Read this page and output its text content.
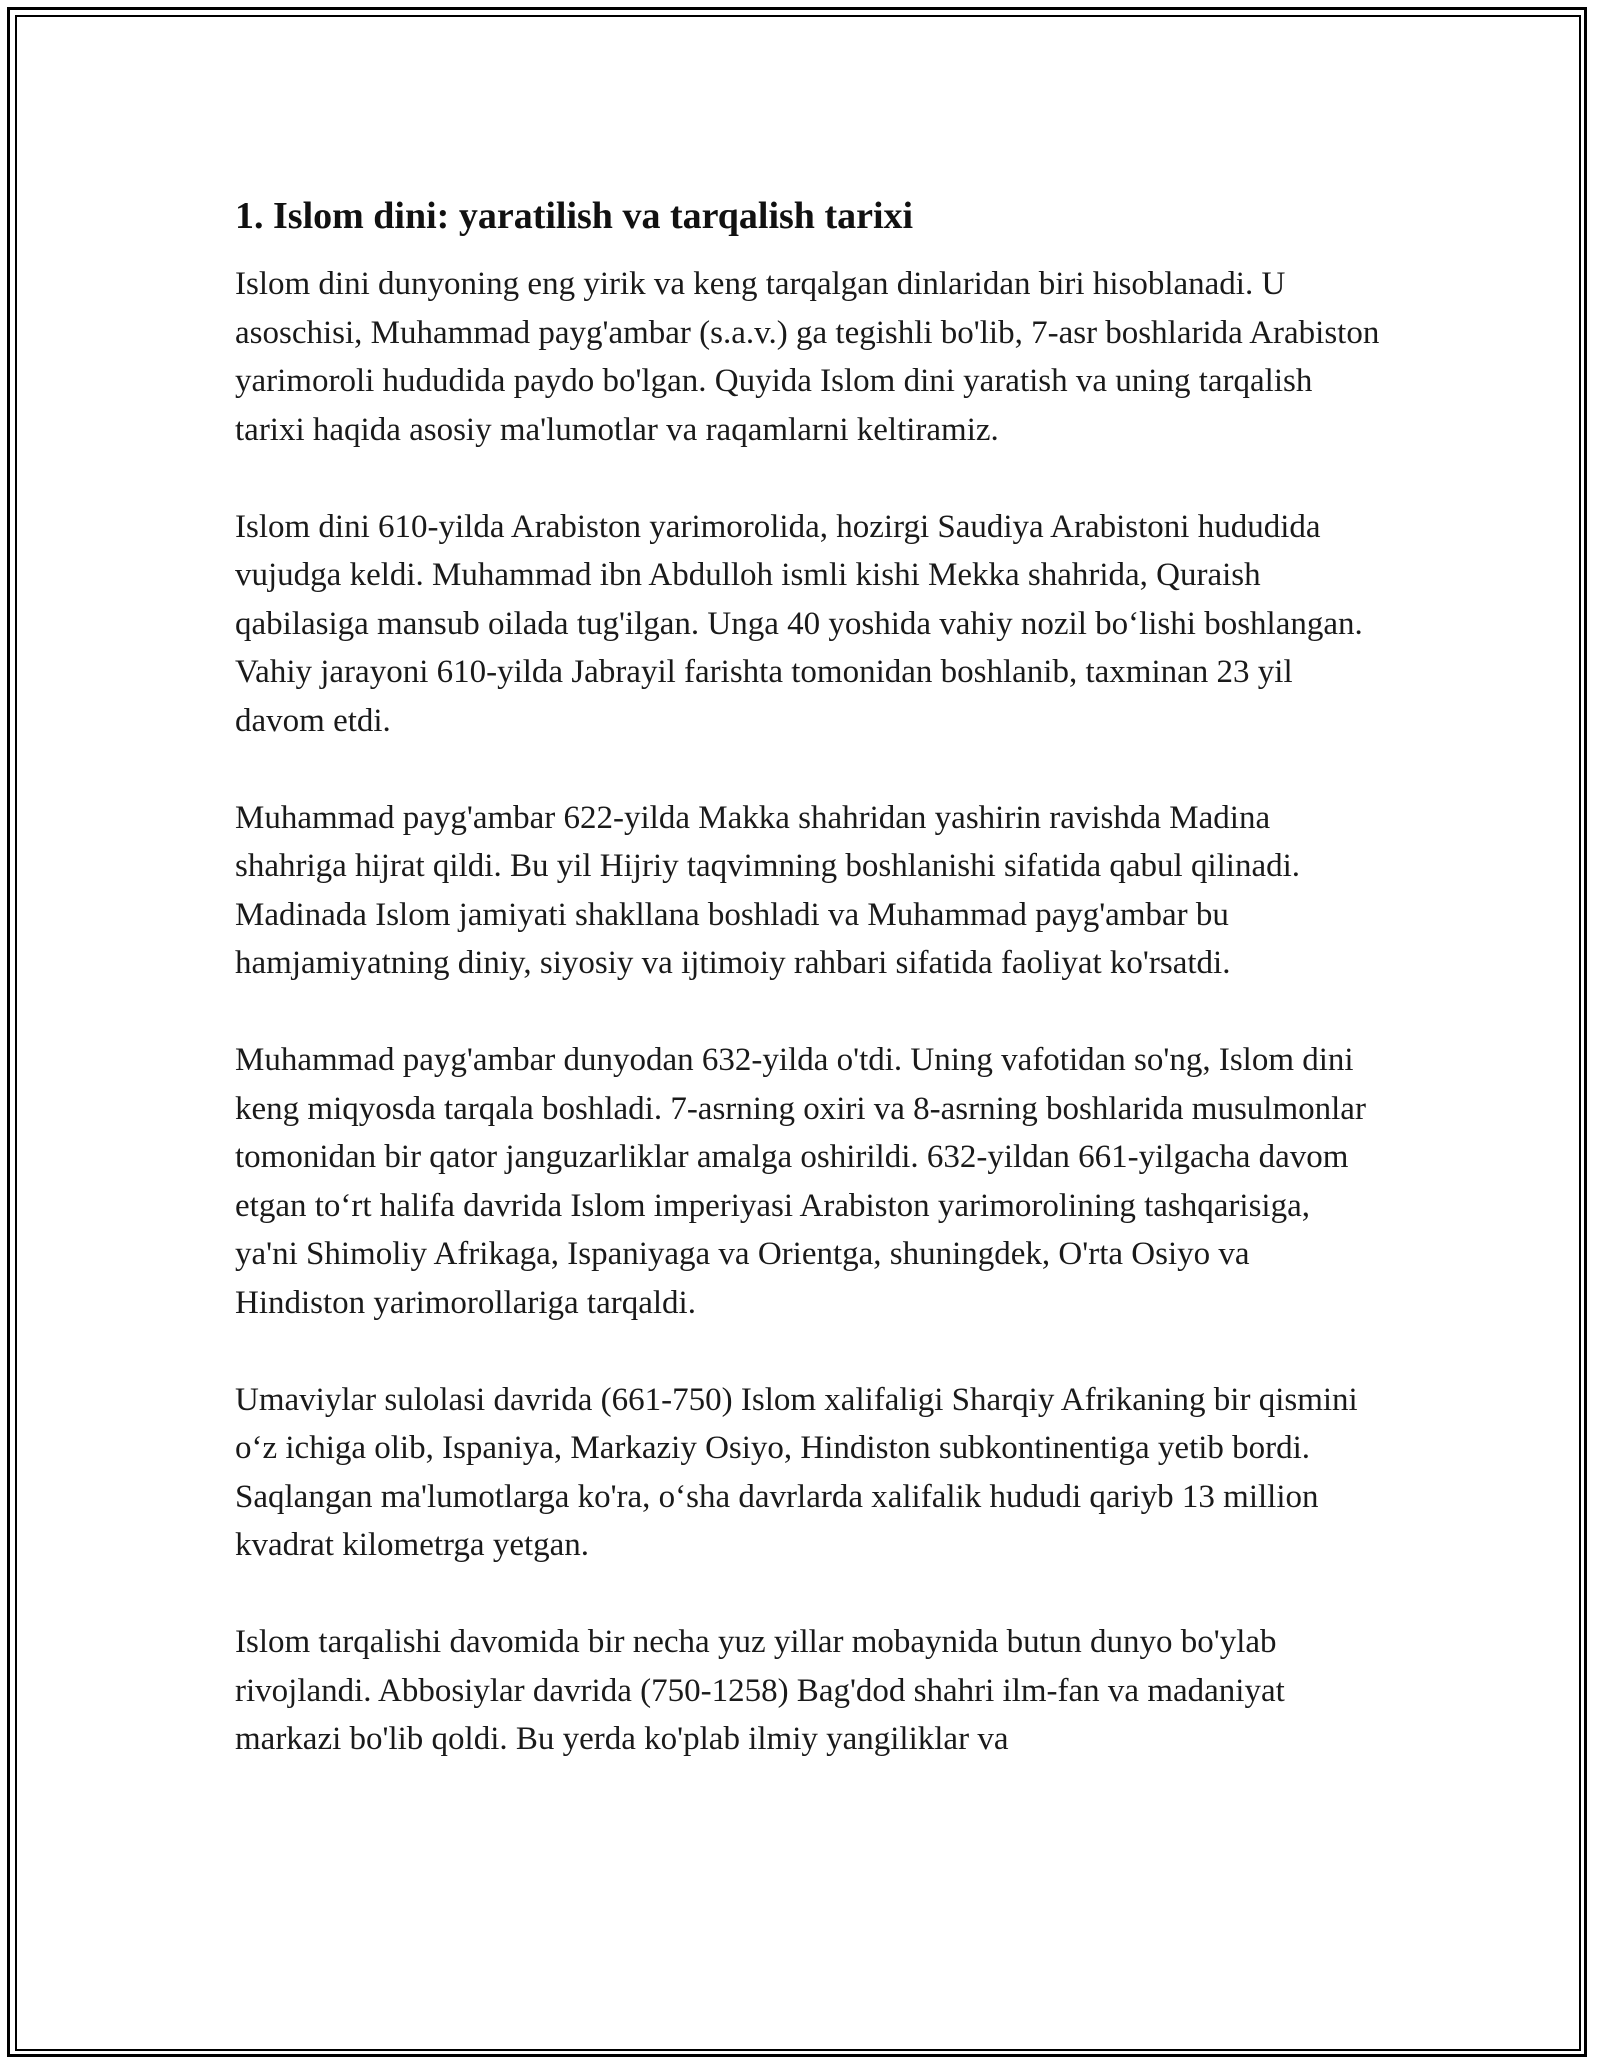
1. Islom dini: yaratilish va tarqalish tarixi

Islom dini dunyoning eng yirik va keng tarqalgan dinlaridan biri hisoblanadi. U asoschisi, Muhammad payg'ambar (s.a.v.) ga tegishli bo'lib, 7-asr boshlarida Arabiston yarimoroli hududida paydo bo'lgan. Quyida Islom dini yaratish va uning tarqalish tarixi haqida asosiy ma'lumotlar va raqamlarni keltiramiz.

Islom dini 610-yilda Arabiston yarimorolida, hozirgi Saudiya Arabistoni hududida vujudga keldi. Muhammad ibn Abdulloh ismli kishi Mekka shahrida, Quraish qabilasiga mansub oilada tug'ilgan. Unga 40 yoshida vahiy nozil bo‘lishi boshlangan. Vahiy jarayoni 610-yilda Jabrayil farishta tomonidan boshlanib, taxminan 23 yil davom etdi.

Muhammad payg'ambar 622-yilda Makka shahridan yashirin ravishda Madina shahriga hijrat qildi. Bu yil Hijriy taqvimning boshlanishi sifatida qabul qilinadi. Madinada Islom jamiyati shakllana boshladi va Muhammad payg'ambar bu hamjamiyatning diniy, siyosiy va ijtimoiy rahbari sifatida faoliyat ko'rsatdi.

Muhammad payg'ambar dunyodan 632-yilda o'tdi. Uning vafotidan so'ng, Islom dini keng miqyosda tarqala boshladi. 7-asrning oxiri va 8-asrning boshlarida musulmonlar tomonidan bir qator janguzarliklar amalga oshirildi. 632-yildan 661-yilgacha davom etgan to‘rt halifa davrida Islom imperiyasi Arabiston yarimorolining tashqarisiga, ya'ni Shimoliy Afrikaga, Ispaniyaga va Orientga, shuningdek, O'rta Osiyo va Hindiston yarimorollariga tarqaldi.

Umaviylar sulolasi davrida (661-750) Islom xalifaligi Sharqiy Afrikaning bir qismini o‘z ichiga olib, Ispaniya, Markaziy Osiyo, Hindiston subkontinentiga yetib bordi. Saqlangan ma'lumotlarga ko'ra, o‘sha davrlarda xalifalik hududi qariyb 13 million kvadrat kilometrga yetgan.

Islom tarqalishi davomida bir necha yuz yillar mobaynida butun dunyo bo'ylab rivojlandi. Abbosiylar davrida (750-1258) Bag'dod shahri ilm-fan va madaniyat markazi bo'lib qoldi. Bu yerda ko'plab ilmiy yangiliklar va
